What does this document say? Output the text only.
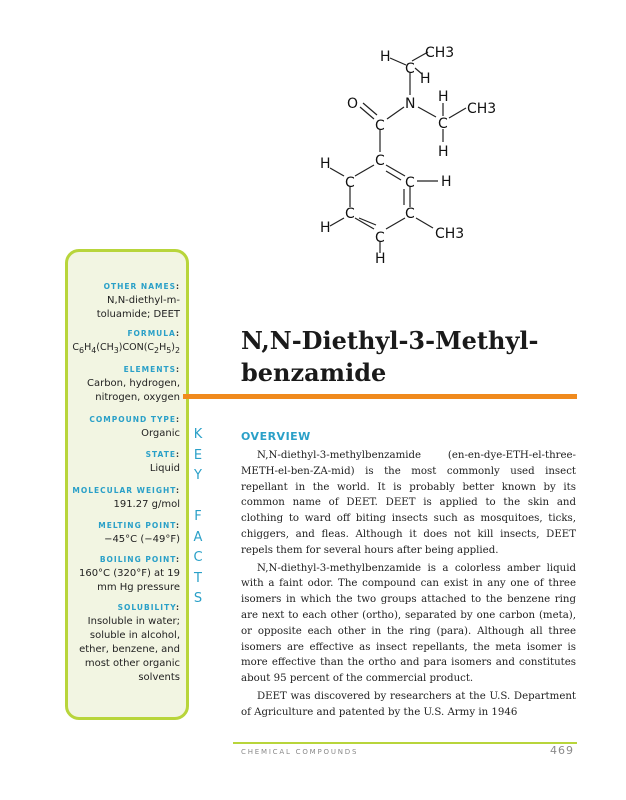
H CH3
C
H
O	N H
CH3
C	C
H
H	C
C	H
C
C
H	CH3
C
H
C
OTHER NAMES:
N,N-diethyl-m-toluamide; DEET
FORMULA:
$C_6H_4(CH_3)CON(C_2H_5)_2$
ELEMENTS:
Carbon, hydrogen, nitrogen, oxygen
COMPOUND TYPE:
Organic
STATE:
Liquid
MOLECULAR WEIGHT:
191.27 g/mol
MELTING POINT:
−45°C (−49°F)
BOILING POINT:
160°C (320°F) at 19 mm Hg pressure
SOLUBILITY:
Insoluble in water; soluble in alcohol, ether, benzene, and most other organic solvents
K
E
Y

F
A
C
T
S
N,N-Diethyl-3-Methyl-benzamide
OVERVIEW

N,N-diethyl-3-methylbenzamide (en-en-dye-ETH-el-three-METH-el-ben-ZA-mid) is the most commonly used insect repellant in the world. It is probably better known by its common name of DEET. DEET is applied to the skin and clothing to ward off biting insects such as mosquitoes, ticks, chiggers, and fleas. Although it does not kill insects, DEET repels them for several hours after being applied.

N,N-diethyl-3-methylbenzamide is a colorless amber liquid with a faint odor. The compound can exist in any one of three isomers in which the two groups attached to the benzene ring are next to each other (ortho), separated by one carbon (meta), or opposite each other in the ring (para). Although all three isomers are effective as insect repellants, the meta isomer is more effective than the ortho and para isomers and constitutes about 95 percent of the commercial product.

DEET was discovered by researchers at the U.S. Department of Agriculture and patented by the U.S. Army in 1946

CHEMICAL COMPOUNDS	469
